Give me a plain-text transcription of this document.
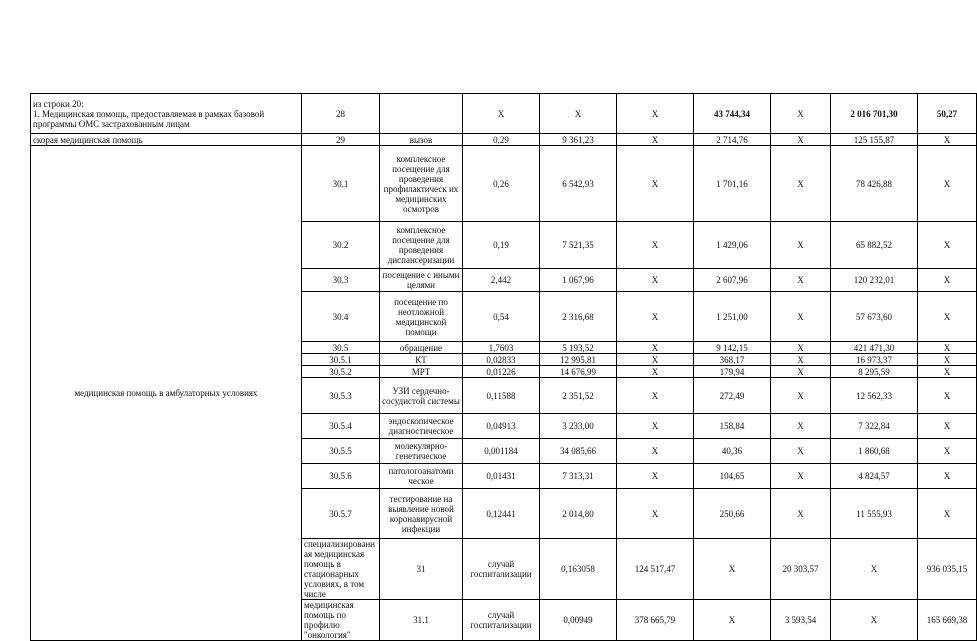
из строки 20:
1. Медицинская помощь, предоставляемая в рамках базовой программы ОМС застрахованным лицам	28		X	X	X	43 744,34	X	2 016 701,30	50,27	
скорая медицинская помощь	29	вызов	0,29	9 361,23	X	2 714,76	X	125 155,87	X	
медицинская помощь в амбулаторных условиях	30.1	комплексное посещение для проведения профилактическ их медицинских осмотров	0,26	6 542,93	X	1 701,16	X	78 426,88	X	
	30.2	комплексное посещение для проведения диспансеризации	0,19	7 521,35	X	1 429,06	X	65 882,52	X	
	30.3	посещение с иными целями	2,442	1 067,96	X	2 607,96	X	120 232,01	X	
	30.4	посещение по неотложной медицинской помощи	0,54	2 316,68	X	1 251,00	X	57 673,60	X	
	30.5	обращение	1,7603	5 193,52	X	9 142,15	X	421 471,30	X	
	30.5.1	КТ	0,02833	12 995,81	X	368,17	X	16 973,37	X	
	30.5.2	МРТ	0,01226	14 676,99	X	179,94	X	8 295,59	X	
	30.5.3	УЗИ сердечно-сосудистой системы	0,11588	2 351,52	X	272,49	X	12 562,33	X	
	30.5.4	эндоскопическое диагностическое	0,04913	3 233,00	X	158,84	X	7 322,84	X	
	30.5.5	молекулярно-генетическое	0,001184	34 085,66	X	40,36	X	1 860,68	X	
	30.5.6	патологоанатоми ческое	0,01431	7 313,31	X	104,65	X	4 824,57	X	
	30.5.7	тестирование на выявление новой коронавирусной инфекции	0,12441	2 014,80	X	250,66	X	11 555,93	X	
	специализированная медицинская помощь в стационарных условиях, в том числе	31	случай госпитализации	0,163058	124 517,47	X	20 303,57	X	936 035,15	
	медицинская помощь по профилю "онкология"	31.1	случай госпитализации	0,00949	378 665,79	X	3 593,54	X	165 669,38	
